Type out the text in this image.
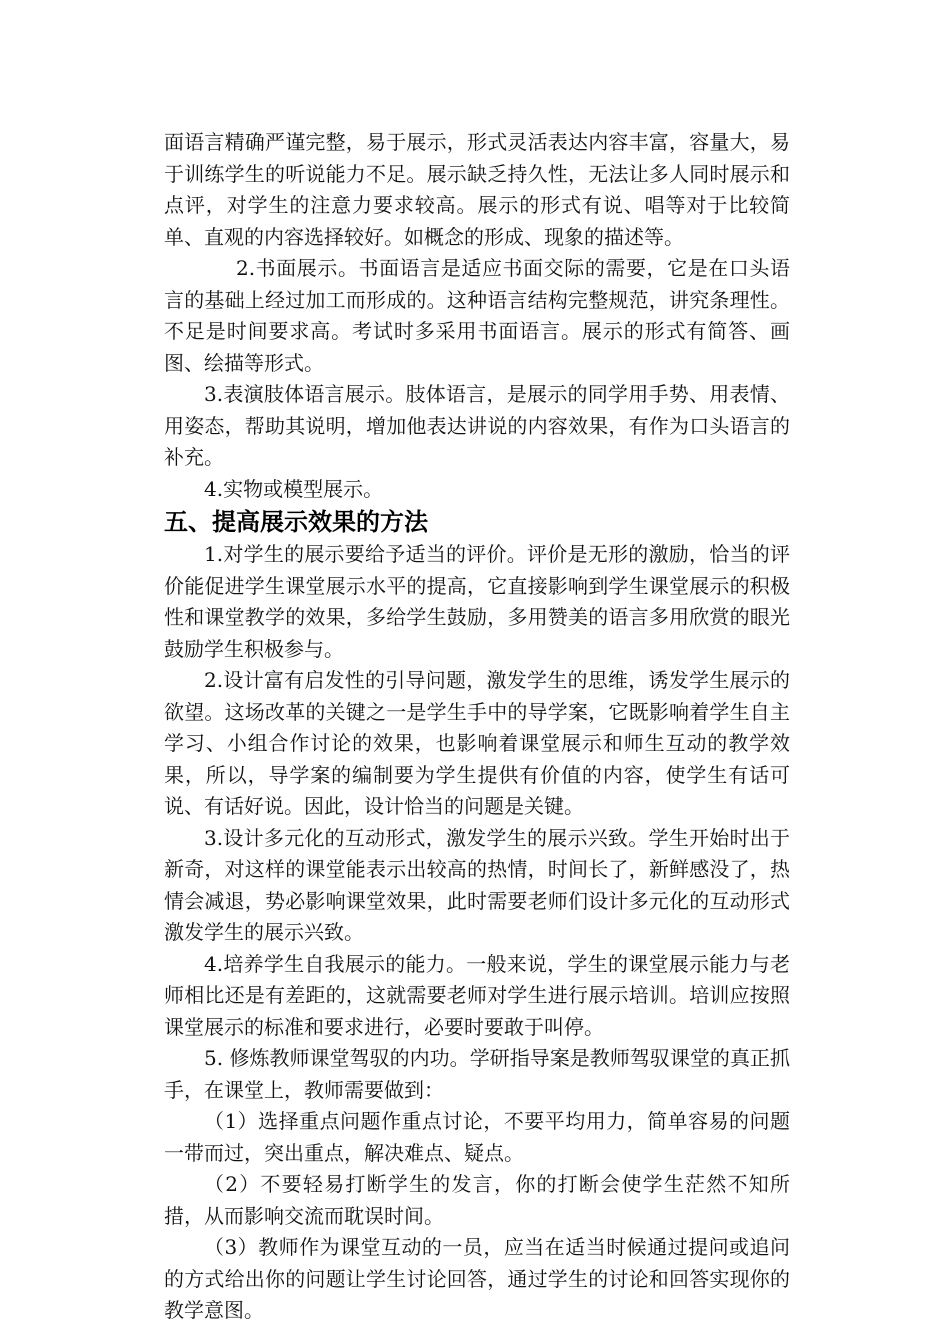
面语言精确严谨完整，易于展示，形式灵活表达内容丰富，容量大，易于训练学生的听说能力不足。展示缺乏持久性，无法让多人同时展示和点评，对学生的注意力要求较高。展示的形式有说、唱等对于比较简单、直观的内容选择较好。如概念的形成、现象的描述等。

2.书面展示。书面语言是适应书面交际的需要，它是在口头语言的基础上经过加工而形成的。这种语言结构完整规范，讲究条理性。不足是时间要求高。考试时多采用书面语言。展示的形式有简答、画图、绘描等形式。

3.表演肢体语言展示。肢体语言，是展示的同学用手势、用表情、用姿态，帮助其说明，增加他表达讲说的内容效果，有作为口头语言的补充。

4.实物或模型展示。

五、提高展示效果的方法

1.对学生的展示要给予适当的评价。评价是无形的激励，恰当的评价能促进学生课堂展示水平的提高，它直接影响到学生课堂展示的积极性和课堂教学的效果，多给学生鼓励，多用赞美的语言多用欣赏的眼光鼓励学生积极参与。

2.设计富有启发性的引导问题，激发学生的思维，诱发学生展示的欲望。这场改革的关键之一是学生手中的导学案，它既影响着学生自主学习、小组合作讨论的效果，也影响着课堂展示和师生互动的教学效果，所以，导学案的编制要为学生提供有价值的内容，使学生有话可说、有话好说。因此，设计恰当的问题是关键。

3.设计多元化的互动形式，激发学生的展示兴致。学生开始时出于新奇，对这样的课堂能表示出较高的热情，时间长了，新鲜感没了，热情会减退，势必影响课堂效果，此时需要老师们设计多元化的互动形式激发学生的展示兴致。

4.培养学生自我展示的能力。一般来说，学生的课堂展示能力与老师相比还是有差距的，这就需要老师对学生进行展示培训。培训应按照课堂展示的标准和要求进行，必要时要敢于叫停。

5. 修炼教师课堂驾驭的内功。学研指导案是教师驾驭课堂的真正抓手，在课堂上，教师需要做到：

（1）选择重点问题作重点讨论，不要平均用力，简单容易的问题一带而过，突出重点，解决难点、疑点。

（2）不要轻易打断学生的发言，你的打断会使学生茫然不知所措，从而影响交流而耽误时间。

（3）教师作为课堂互动的一员，应当在适当时候通过提问或追问的方式给出你的问题让学生讨论回答，通过学生的讨论和回答实现你的教学意图。
